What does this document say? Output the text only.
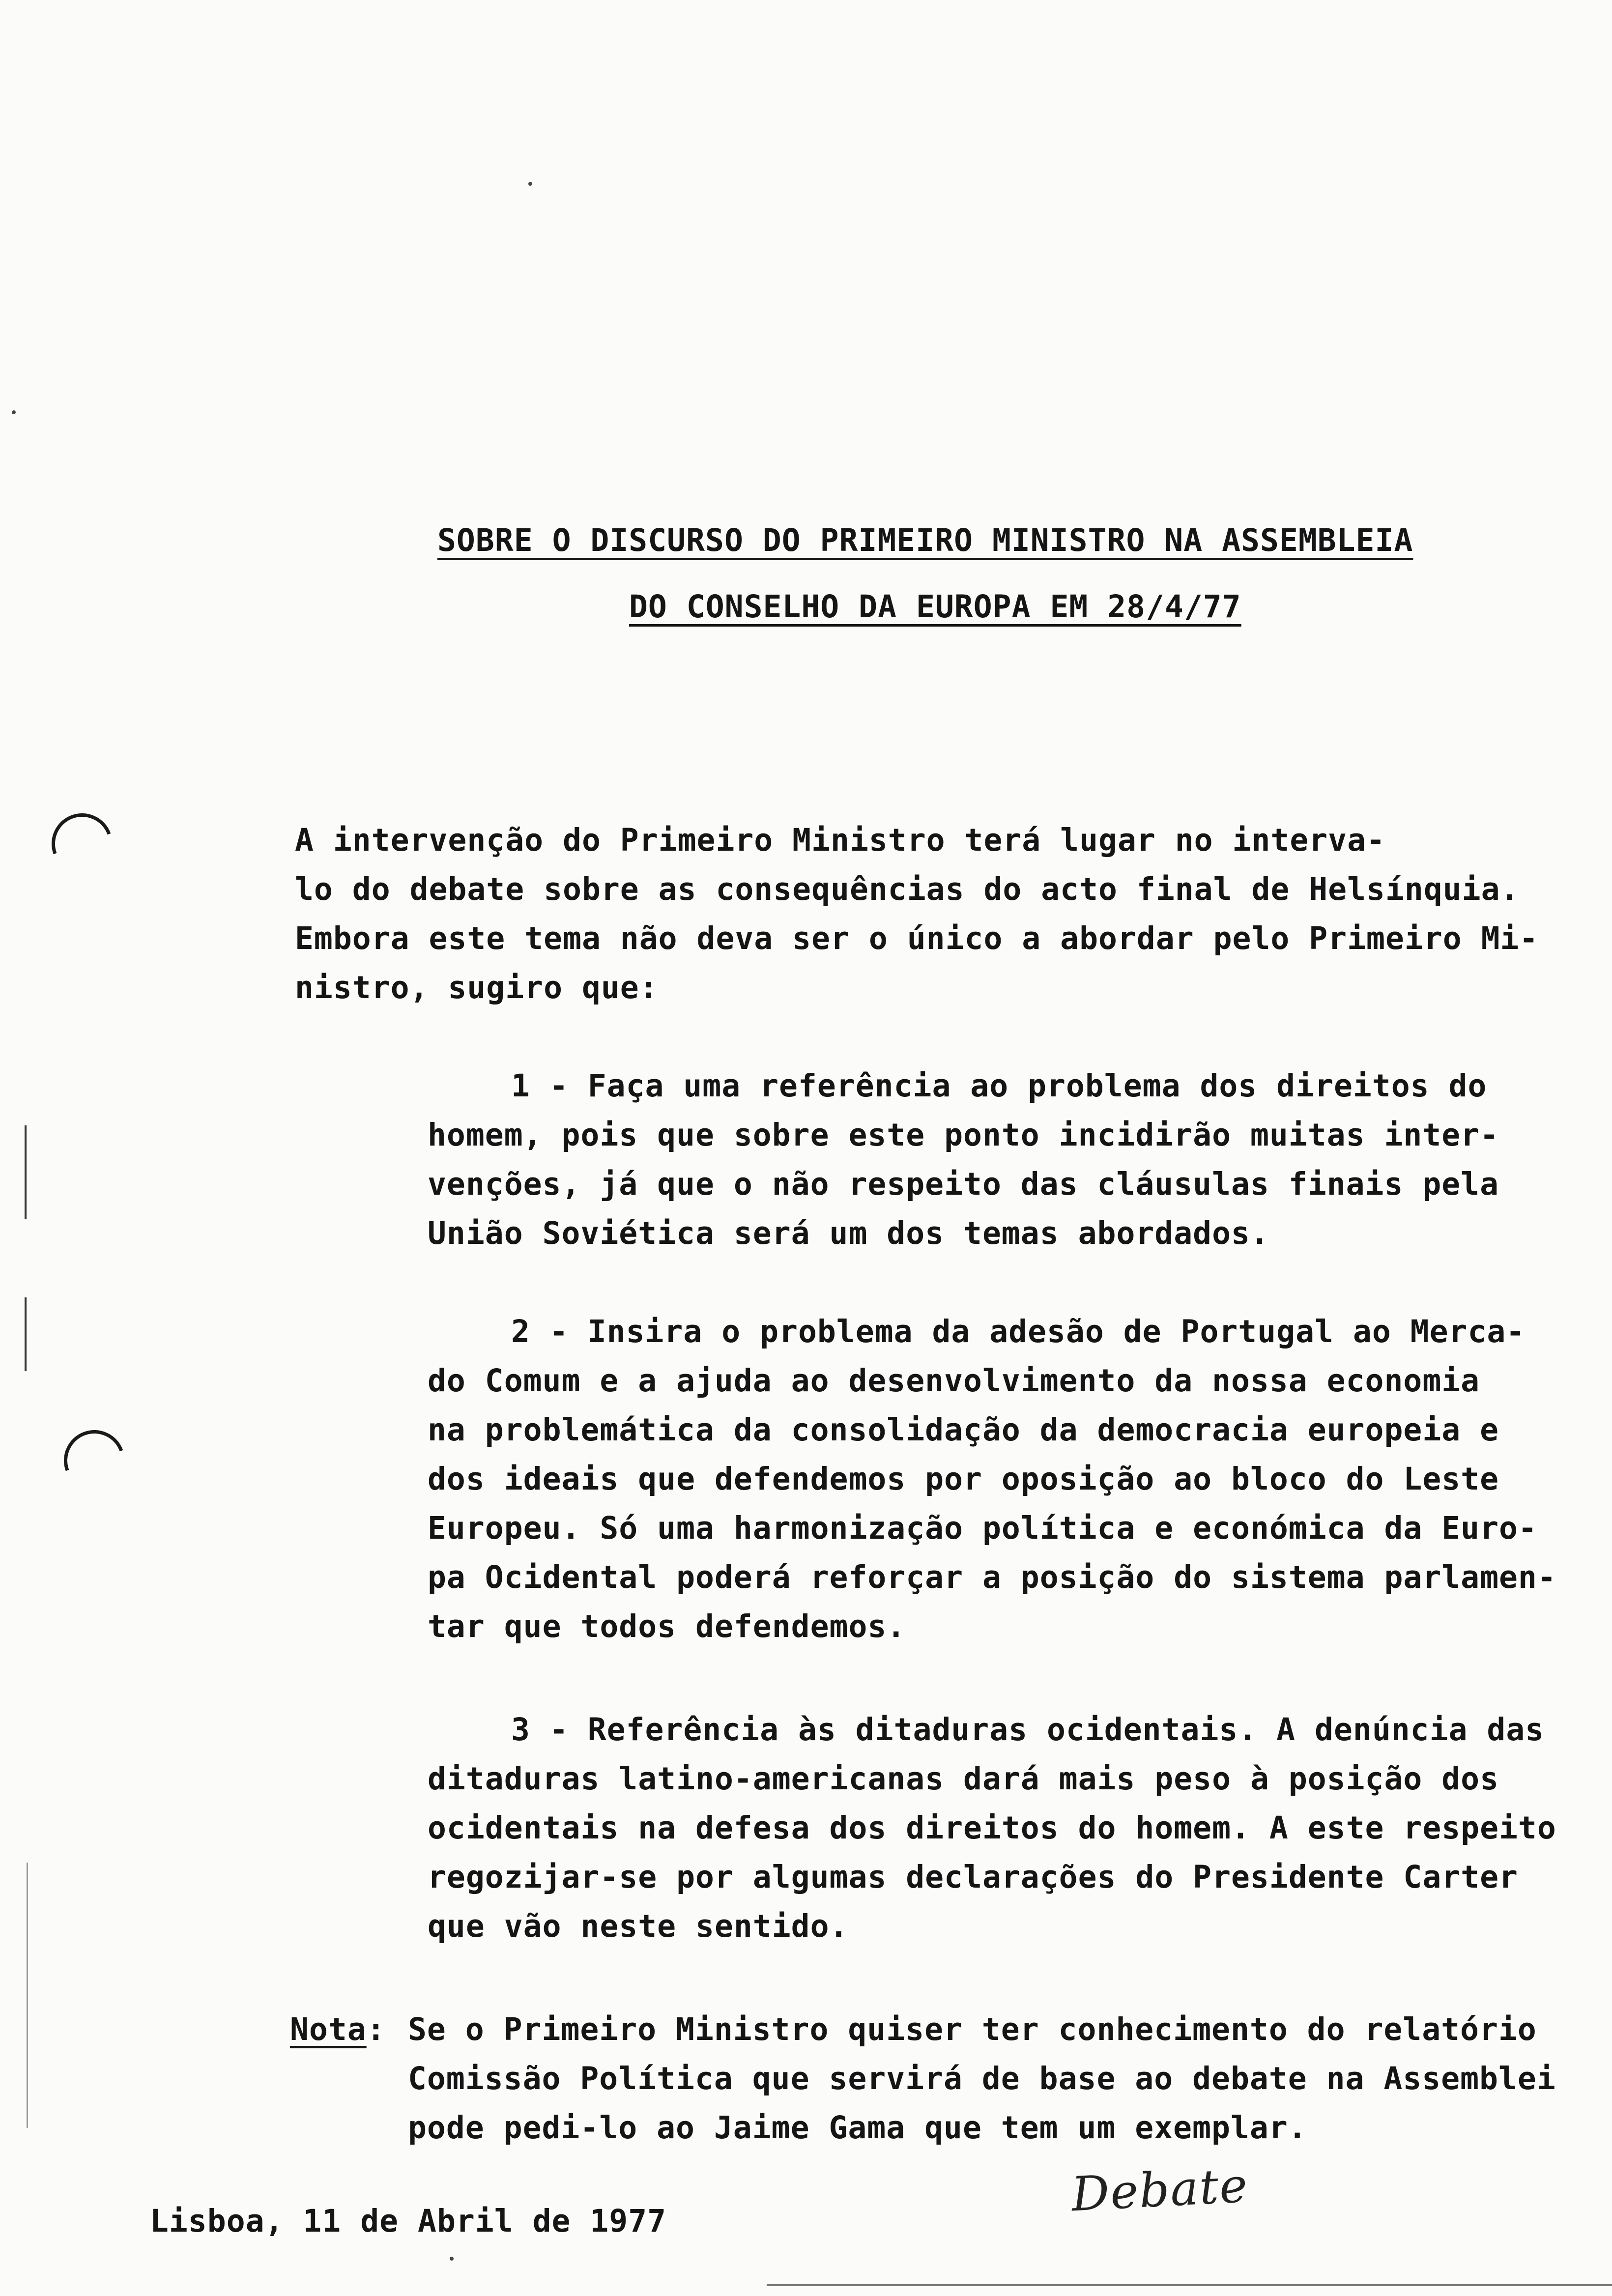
SOBRE O DISCURSO DO PRIMEIRO MINISTRO NA ASSEMBLEIA
DO CONSELHO DA EUROPA EM 28/4/77
A intervenção do Primeiro Ministro terá lugar no interva-
lo do debate sobre as consequências do acto final de Helsínquia.
Embora este tema não deva ser o único a abordar pelo Primeiro Mi-
nistro, sugiro que:
1 - Faça uma referência ao problema dos direitos do
homem, pois que sobre este ponto incidirão muitas inter-
venções, já que o não respeito das cláusulas finais pela
União Soviética será um dos temas abordados.
2 - Insira o problema da adesão de Portugal ao Merca-
do Comum e a ajuda ao desenvolvimento da nossa economia
na problemática da consolidação da democracia europeia e
dos ideais que defendemos por oposição ao bloco do Leste
Europeu. Só uma harmonização política e económica da Euro-
pa Ocidental poderá reforçar a posição do sistema parlamen-
tar que todos defendemos.
3 - Referência às ditaduras ocidentais. A denúncia das
ditaduras latino-americanas dará mais peso à posição dos
ocidentais na defesa dos direitos do homem. A este respeito
regozijar-se por algumas declarações do Presidente Carter
que vão neste sentido.
Nota: Se o Primeiro Ministro quiser ter conhecimento do relatório
Comissão Política que servirá de base ao debate na Assemblei
pode pedi-lo ao Jaime Gama que tem um exemplar.
Lisboa, 11 de Abril de 1977	Debate
